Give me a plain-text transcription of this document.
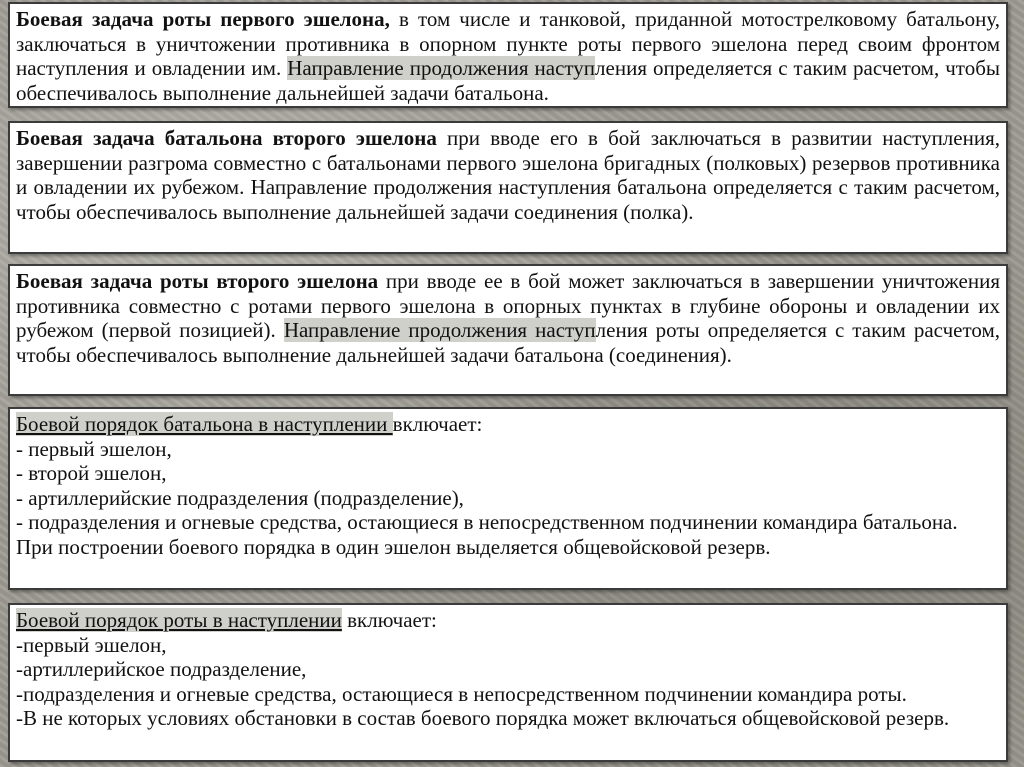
Боевая задача роты первого эшелона, в том числе и танковой, приданной мотострелковому батальону, заключаться в уничтожении противника в опорном пункте роты первого эшелона перед своим фронтом наступления и овладении им. Направление продолжения наступления определяется с таким расчетом, чтобы обеспечивалось выполнение дальнейшей задачи батальона.

Боевая задача батальона второго эшелона при вводе его в бой заключаться в развитии наступления, завершении разгрома совместно с батальонами первого эшелона бригадных (полковых) резервов противника и овладении их рубежом. Направление продолжения наступления батальона определяется с таким расчетом, чтобы обеспечивалось выполнение дальнейшей задачи соединения (полка).

Боевая задача роты второго эшелона при вводе ее в бой может заключаться в завершении уничтожения противника совместно с ротами первого эшелона в опорных пунктах в глубине обороны и овладении их рубежом (первой позицией). Направление продолжения наступления роты определяется с таким расчетом, чтобы обеспечивалось выполнение дальнейшей задачи батальона (соединения).

Боевой порядок батальона в наступлении включает:

- первый эшелон,

- второй эшелон,

- артиллерийские подразделения (подразделение),

- подразделения и огневые средства, остающиеся в непосредственном подчинении командира батальона.

При построении боевого порядка в один эшелон выделяется общевойсковой резерв.

Боевой порядок роты в наступлении включает:

-первый эшелон,

-артиллерийское подразделение,

-подразделения и огневые средства, остающиеся в непосредственном подчинении командира роты.

-В не которых условиях обстановки в состав боевого порядка может включаться общевойсковой резерв.
